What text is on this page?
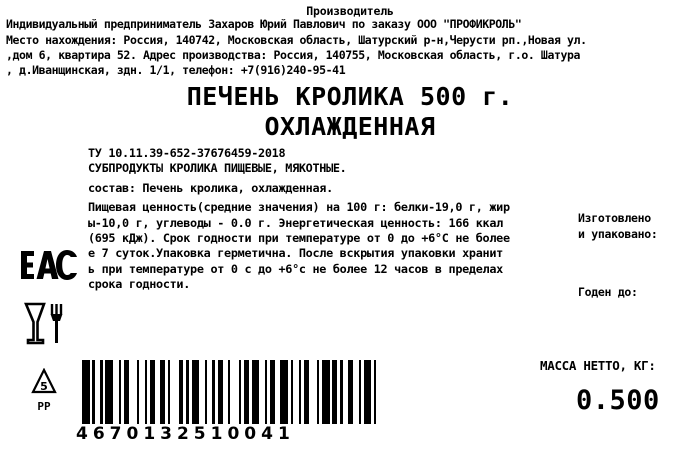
Производитель
Индивидуальный предприниматель Захаров Юрий Павлович по заказу ООО "ПРОФИКРОЛЬ"
Место нахождения: Россия, 140742, Московская область, Шатурский р-н,Черусти рп.,Новая ул.
,дом 6, квартира 52. Адрес производства: Россия, 140755, Московская область, г.о. Шатура
, д.Иванщинская, здн. 1/1, телефон: +7(916)240-95-41
ПЕЧЕНЬ КРОЛИКА 500 г.
ОХЛАЖДЕННАЯ
ТУ 10.11.39-652-37676459-2018
СУБПРОДУКТЫ КРОЛИКА ПИЩЕВЫЕ, МЯКОТНЫЕ.
состав: Печень кролика, охлажденная.
Пищевая ценность(средние значения) на 100 г: белки-19,0 г, жир
ы-10,0 г, углеводы - 0.0 г. Энергетическая ценность: 166 ккал
(695 кДж). Срок годности при температуре от 0 до +6°С не более
е 7 суток.Упаковка герметична. После вскрытия упаковки хранит
ь при температуре от 0 с до +6°с не более 12 часов в пределах
срока годности.
Изготовлено
и упаковано:
Годен до:
МАССА НЕТТО, КГ:
0.500
5
PP
4670132510041
